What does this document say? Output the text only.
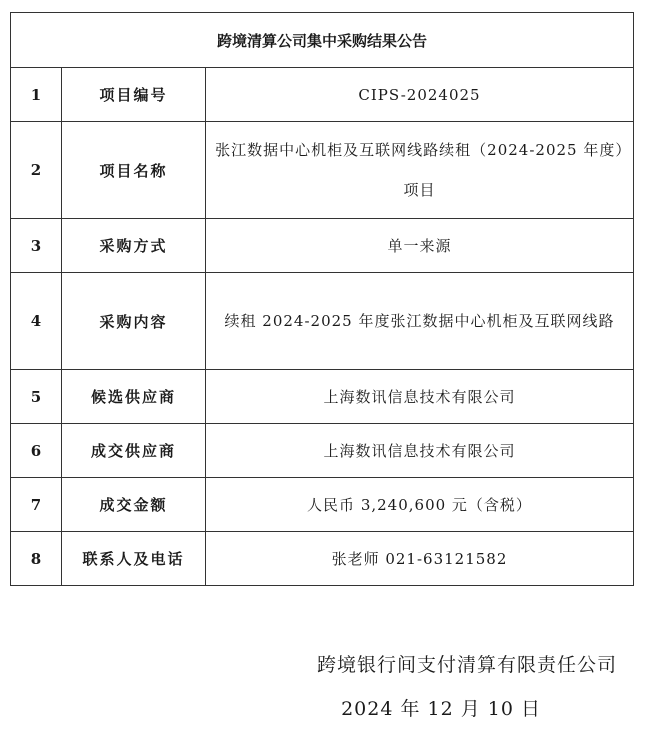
跨境清算公司集中采购结果公告		
1	项目编号	CIPS-2024025
2	项目名称	张江数据中心机柜及互联网线路续租（2024-2025 年度）项目
3	采购方式	单一来源
4	采购内容	续租 2024-2025 年度张江数据中心机柜及互联网线路
5	候选供应商	上海数讯信息技术有限公司
6	成交供应商	上海数讯信息技术有限公司
7	成交金额	人民币 3,240,600 元（含税）
8	联系人及电话	张老师 021-63121582
跨境银行间支付清算有限责任公司
2024 年 12 月 10 日
